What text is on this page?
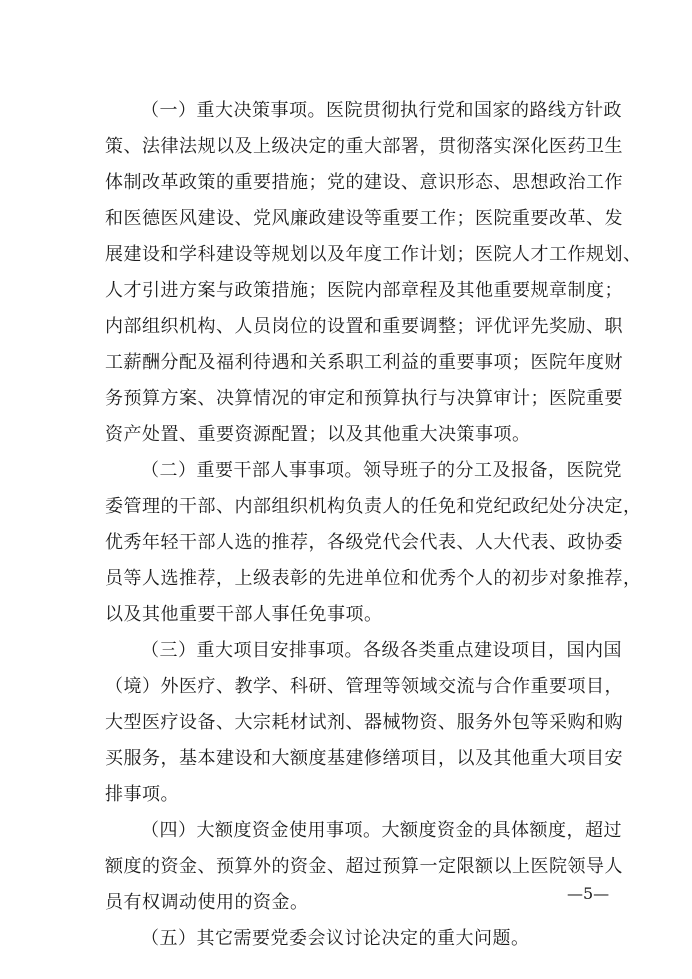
（一）重大决策事项。医院贯彻执行党和国家的路线方针政
策、法律法规以及上级决定的重大部署，贯彻落实深化医药卫生
体制改革政策的重要措施；党的建设、意识形态、思想政治工作
和医德医风建设、党风廉政建设等重要工作；医院重要改革、发
展建设和学科建设等规划以及年度工作计划；医院人才工作规划、
人才引进方案与政策措施；医院内部章程及其他重要规章制度；
内部组织机构、人员岗位的设置和重要调整；评优评先奖励、职
工薪酬分配及福利待遇和关系职工利益的重要事项；医院年度财
务预算方案、决算情况的审定和预算执行与决算审计；医院重要
资产处置、重要资源配置；以及其他重大决策事项。
（二）重要干部人事事项。领导班子的分工及报备，医院党
委管理的干部、内部组织机构负责人的任免和党纪政纪处分决定，
优秀年轻干部人选的推荐，各级党代会代表、人大代表、政协委
员等人选推荐，上级表彰的先进单位和优秀个人的初步对象推荐，
以及其他重要干部人事任免事项。
（三）重大项目安排事项。各级各类重点建设项目，国内国
（境）外医疗、教学、科研、管理等领域交流与合作重要项目，
大型医疗设备、大宗耗材试剂、器械物资、服务外包等采购和购
买服务，基本建设和大额度基建修缮项目，以及其他重大项目安
排事项。
（四）大额度资金使用事项。大额度资金的具体额度，超过
额度的资金、预算外的资金、超过预算一定限额以上医院领导人
员有权调动使用的资金。
（五）其它需要党委会议讨论决定的重大问题。
—5—
